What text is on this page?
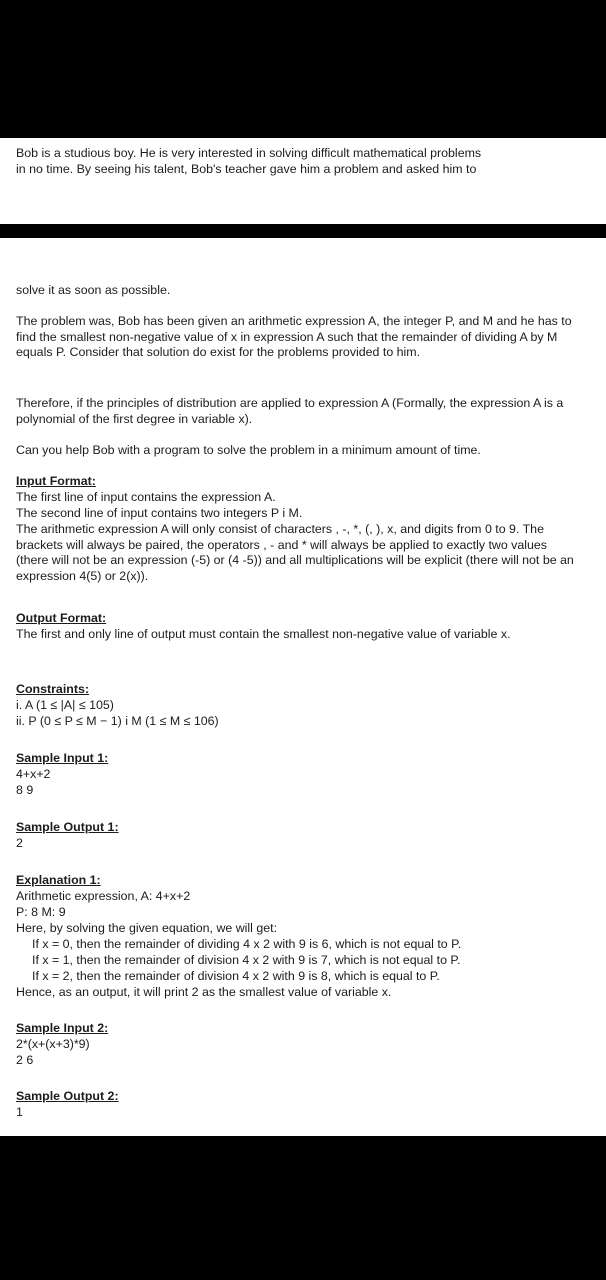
Bob is a studious boy. He is very interested in solving difficult mathematical problems
in no time. By seeing his talent, Bob's teacher gave him a problem and asked him to

solve it as soon as possible.

The problem was, Bob has been given an arithmetic expression A, the integer P, and M and he has to find the smallest non-negative value of x in expression A such that the remainder of dividing A by M equals P. Consider that solution do exist for the problems provided to him.

Therefore, if the principles of distribution are applied to expression A (Formally, the expression A is a polynomial of the first degree in variable x).

Can you help Bob with a program to solve the problem in a minimum amount of time.

Input Format:

The first line of input contains the expression A.

The second line of input contains two integers P i M.

The arithmetic expression A will only consist of characters , -, *, (, ), x, and digits from 0 to 9. The brackets will always be paired, the operators , - and * will always be applied to exactly two values (there will not be an expression (-5) or (4 -5)) and all multiplications will be explicit (there will not be an expression 4(5) or 2(x)).

Output Format:

The first and only line of output must contain the smallest non-negative value of variable x.

Constraints:

i. A (1 ≤ |A| ≤ 105)

ii. P (0 ≤ P ≤ M − 1) i M (1 ≤ M ≤ 106)

Sample Input 1:

4+x+2

8 9

Sample Output 1:

2

Explanation 1:

Arithmetic expression, A: 4+x+2

P: 8 M: 9

Here, by solving the given equation, we will get:

If x = 0, then the remainder of dividing 4 x 2 with 9 is 6, which is not equal to P.

If x = 1, then the remainder of division 4 x 2 with 9 is 7, which is not equal to P.

If x = 2, then the remainder of division 4 x 2 with 9 is 8, which is equal to P.

Hence, as an output, it will print 2 as the smallest value of variable x.

Sample Input 2:

2*(x+(x+3)*9)

2 6

Sample Output 2:

1
